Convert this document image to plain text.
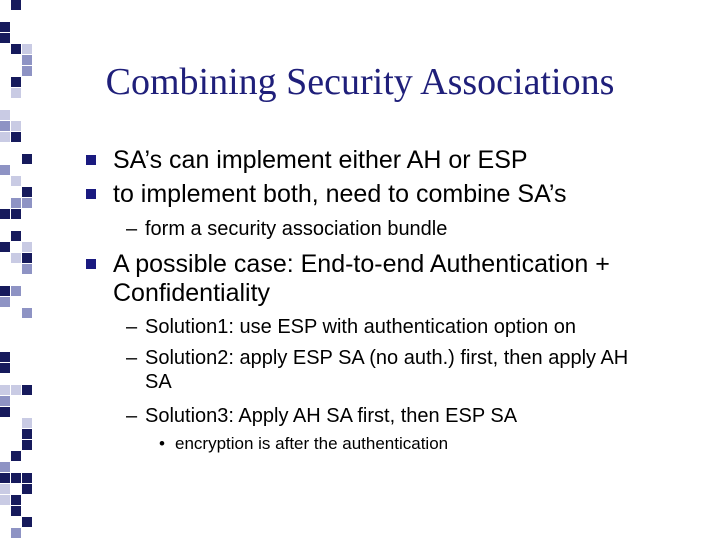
Combining Security Associations
SA’s can implement either AH or ESP
to implement both, need to combine SA’s
– form a security association bundle
A possible case: End-to-end Authentication + Confidentiality
– Solution1: use ESP with authentication option on
– Solution2: apply ESP SA (no auth.) first, then apply AH SA
– Solution3: Apply AH SA first, then ESP SA
• encryption is after the authentication
